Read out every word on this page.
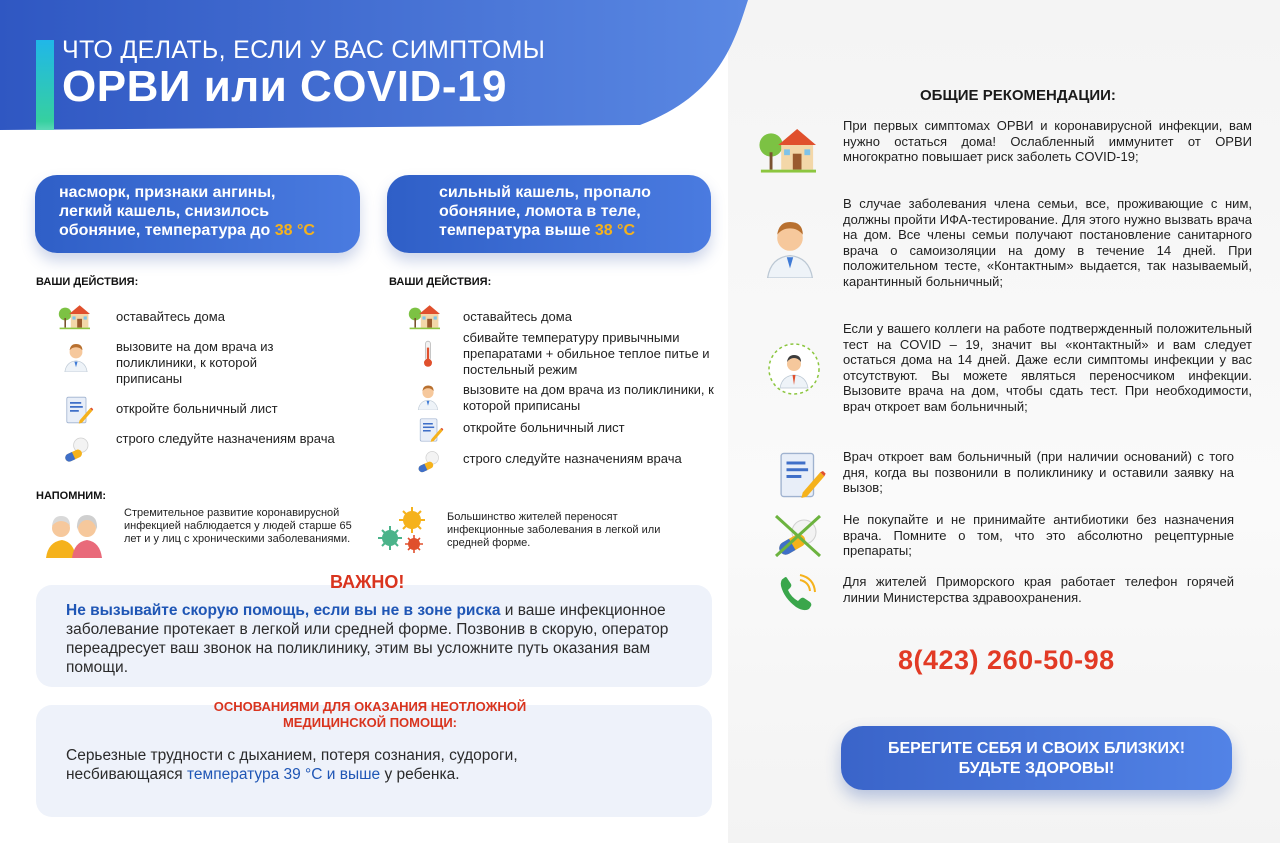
ЧТО ДЕЛАТЬ, ЕСЛИ У ВАС СИМПТОМЫ
ОРВИ или COVID-19
насморк, признаки ангины,
легкий кашель, снизилось
обоняние, температура до 38 °С
сильный кашель, пропало
обоняние, ломота в теле,
температура выше 38 °С
ВАШИ ДЕЙСТВИЯ:
оставайтесь дома
вызовите на дом врача из поликлиники, к которой приписаны
откройте больничный лист
строго следуйте назначениям врача
ВАШИ ДЕЙСТВИЯ:
оставайтесь дома
сбивайте температуру привычными препаратами + обильное теплое питье и постельный режим
вызовите на дом врача из поликлиники, к которой приписаны
откройте больничный лист
строго следуйте назначениям врача
НАПОМНИМ:
Стремительное развитие коронавирусной инфекцией наблюдается у людей старше 65 лет и у лиц с хроническими заболеваниями.
Большинство жителей переносят инфекционные заболевания в легкой или средней форме.
ВАЖНО!
Не вызывайте скорую помощь, если вы не в зоне риска и ваше инфекционное заболевание протекает в легкой или средней форме. Позвонив в скорую, оператор переадресует ваш звонок на поликлинику, этим вы усложните путь оказания вам помощи.
ОСНОВАНИЯМИ ДЛЯ ОКАЗАНИЯ НЕОТЛОЖНОЙ
МЕДИЦИНСКОЙ ПОМОЩИ:
Серьезные трудности с дыханием, потеря сознания, судороги,
несбивающаяся температура 39 °С и выше у ребенка.
ОБЩИЕ РЕКОМЕНДАЦИИ:
При первых симптомах ОРВИ и коронавирусной инфекции, вам нужно остаться дома! Ослабленный иммунитет от ОРВИ многократно повышает риск заболеть COVID-19;
В случае заболевания члена семьи, все, проживающие с ним, должны пройти ИФА-тестирование. Для этого нужно вызвать врача на дом. Все члены семьи получают постановление санитарного врача о самоизоляции на дому в течение 14 дней. При положительном тесте, «Контактным» выдается, так называемый, карантинный больничный;
Если у вашего коллеги на работе подтвержденный положительный тест на COVID – 19, значит вы «контактный» и вам следует остаться дома на 14 дней. Даже если симптомы инфекции у вас отсутствуют. Вы можете являться переносчиком инфекции. Вызовите врача на дом, чтобы сдать тест. При необходимости, врач откроет вам больничный;
Врач откроет вам больничный (при наличии оснований) с того дня, когда вы позвонили в поликлинику и оставили заявку на вызов;
Не покупайте и не принимайте антибиотики без назначения врача. Помните о том, что это абсолютно рецептурные препараты;
Для жителей Приморского края работает телефон горячей линии Министерства здравоохранения.
8(423) 260-50-98
БЕРЕГИТЕ СЕБЯ И СВОИХ БЛИЗКИХ!
БУДЬТЕ ЗДОРОВЫ!
